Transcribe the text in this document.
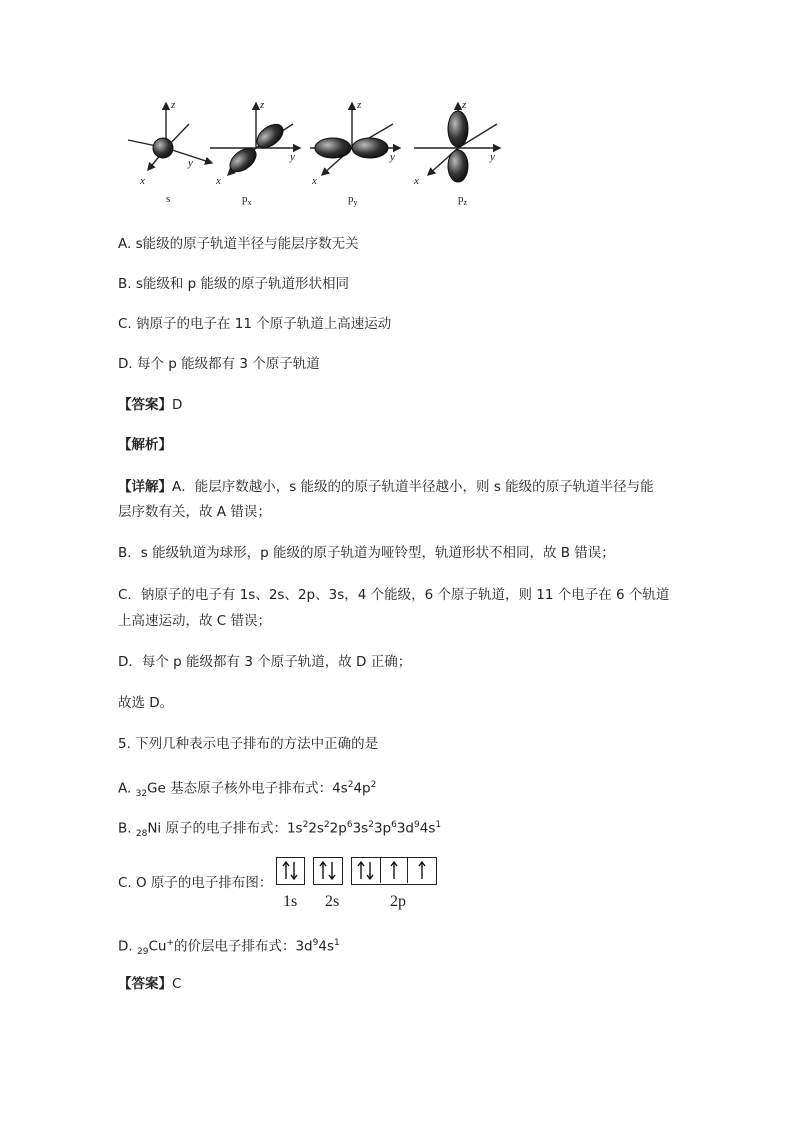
z
y
x
z
y
x
z
y
x
z
y
x
s	$p_x$	$p_y$	$p_z$
A. s能级的原子轨道半径与能层序数无关
B. s能级和 p 能级的原子轨道形状相同
C. 钠原子的电子在 11 个原子轨道上高速运动
D. 每个 p 能级都有 3 个原子轨道
【答案】D
【解析】
【详解】A．能层序数越小，s 能级的的原子轨道半径越小，则 s 能级的原子轨道半径与能
层序数有关，故 A 错误；
B．s 能级轨道为球形，p 能级的原子轨道为哑铃型，轨道形状不相同，故 B 错误；
C．钠原子的电子有 1s、2s、2p、3s，4 个能级，6 个原子轨道，则 11 个电子在 6 个轨道
上高速运动，故 C 错误；
D．每个 p 能级都有 3 个原子轨道，故 D 正确；
故选 D。
5. 下列几种表示电子排布的方法中正确的是
A. $_{32}$Ge 基态原子核外电子排布式：$4s^24p^2$
B. $_{28}$Ni 原子的电子排布式：$1s^22s^22p^63s^23p^63d^94s^1$
C. O 原子的电子排布图：
1s 2s	2p
D. $_{29}$Cu+的价层电子排布式：$3d^94s^1$
【答案】C
